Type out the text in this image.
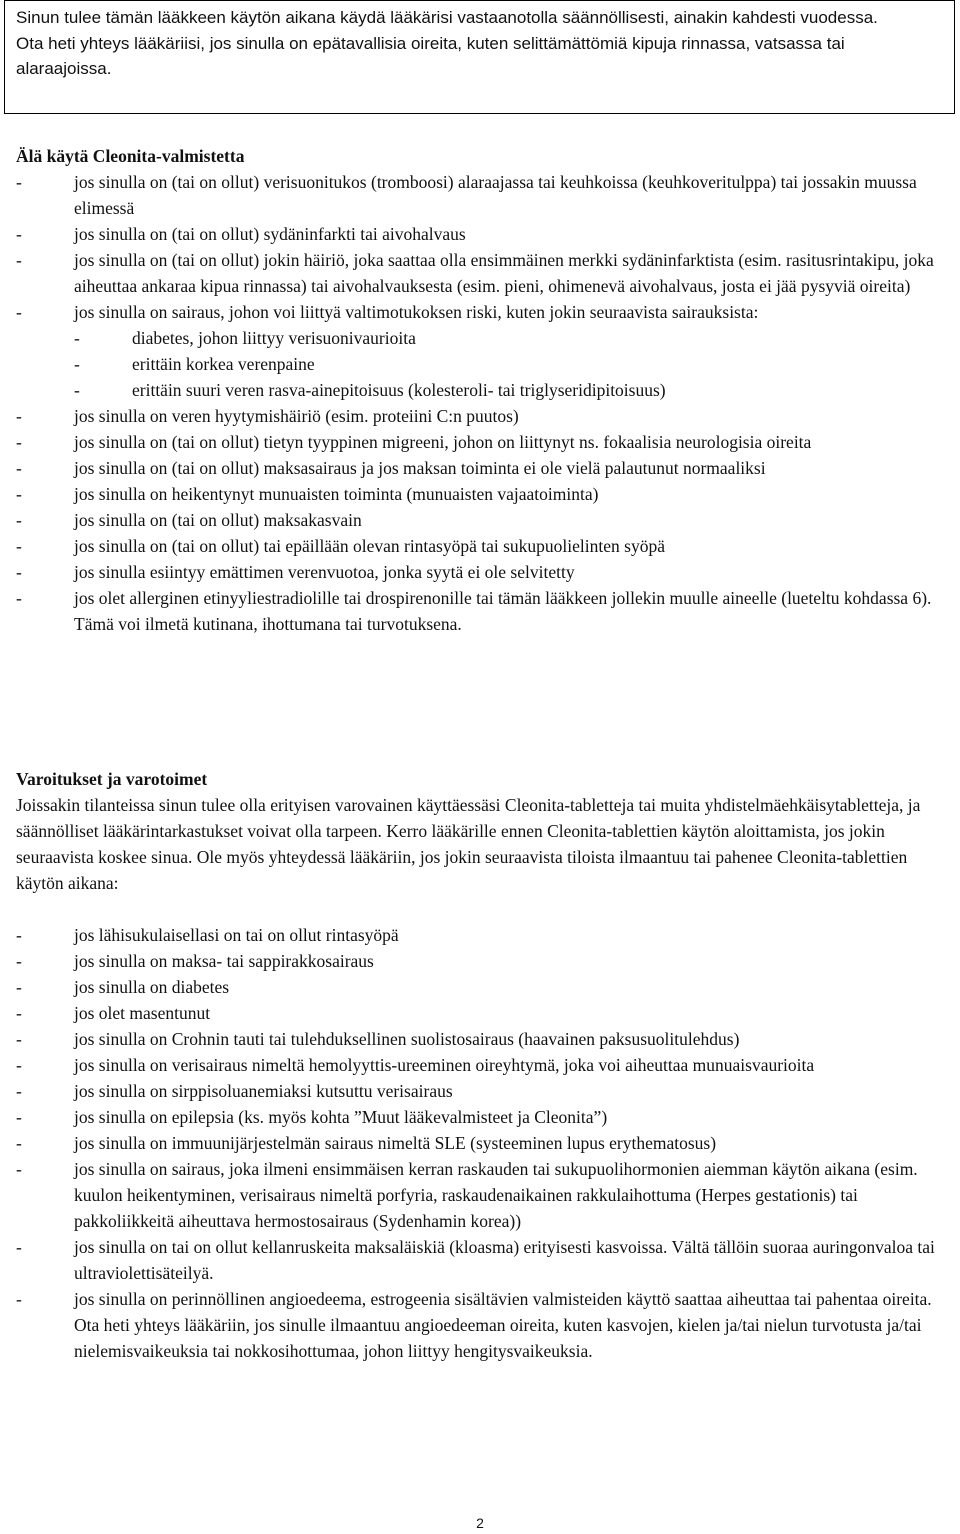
Sinun tulee tämän lääkkeen käytön aikana käydä lääkärisi vastaanotolla säännöllisesti, ainakin kahdesti vuodessa.

Ota heti yhteys lääkäriisi, jos sinulla on epätavallisia oireita, kuten selittämättömiä kipuja rinnassa, vatsassa tai alaraajoissa.

Älä käytä Cleonita-valmistetta

- jos sinulla on (tai on ollut) verisuonitukos (tromboosi) alaraajassa tai keuhkoissa (keuhkoveritulppa) tai jossakin muussa elimessä
- jos sinulla on (tai on ollut) sydäninfarkti tai aivohalvaus
- jos sinulla on (tai on ollut) jokin häiriö, joka saattaa olla ensimmäinen merkki sydäninfarktista (esim. rasitusrintakipu, joka aiheuttaa ankaraa kipua rinnassa) tai aivohalvauksesta (esim. pieni, ohimenevä aivohalvaus, josta ei jää pysyviä oireita)
- jos sinulla on sairaus, johon voi liittyä valtimotukoksen riski, kuten jokin seuraavista sairauksista:
- diabetes, johon liittyy verisuonivaurioita
- erittäin korkea verenpaine
- erittäin suuri veren rasva-ainepitoisuus (kolesteroli- tai triglyseridipitoisuus)
- jos sinulla on veren hyytymishäiriö (esim. proteiini C:n puutos)
- jos sinulla on (tai on ollut) tietyn tyyppinen migreeni, johon on liittynyt ns. fokaalisia neurologisia oireita
- jos sinulla on (tai on ollut) maksasairaus ja jos maksan toiminta ei ole vielä palautunut normaaliksi
- jos sinulla on heikentynyt munuaisten toiminta (munuaisten vajaatoiminta)
- jos sinulla on (tai on ollut) maksakasvain
- jos sinulla on (tai on ollut) tai epäillään olevan rintasyöpä tai sukupuolielinten syöpä
- jos sinulla esiintyy emättimen verenvuotoa, jonka syytä ei ole selvitetty
- jos olet allerginen etinyyliestradiolille tai drospirenonille tai tämän lääkkeen jollekin muulle aineelle (lueteltu kohdassa 6). Tämä voi ilmetä kutinana, ihottumana tai turvotuksena.

Varoitukset ja varotoimet

Joissakin tilanteissa sinun tulee olla erityisen varovainen käyttäessäsi Cleonita-tabletteja tai muita yhdistelmäehkäisytabletteja, ja säännölliset lääkärintarkastukset voivat olla tarpeen. Kerro lääkärille ennen Cleonita-tablettien käytön aloittamista, jos jokin seuraavista koskee sinua. Ole myös yhteydessä lääkäriin, jos jokin seuraavista tiloista ilmaantuu tai pahenee Cleonita-tablettien käytön aikana:

- jos lähisukulaisellasi on tai on ollut rintasyöpä
- jos sinulla on maksa- tai sappirakkosairaus
- jos sinulla on diabetes
- jos olet masentunut
- jos sinulla on Crohnin tauti tai tulehduksellinen suolistosairaus (haavainen paksusuolitulehdus)
- jos sinulla on verisairaus nimeltä hemolyyttis-ureeminen oireyhtymä, joka voi aiheuttaa munuaisvaurioita
- jos sinulla on sirppisoluanemiaksi kutsuttu verisairaus
- jos sinulla on epilepsia (ks. myös kohta ”Muut lääkevalmisteet ja Cleonita”)
- jos sinulla on immuunijärjestelmän sairaus nimeltä SLE (systeeminen lupus erythematosus)
- jos sinulla on sairaus, joka ilmeni ensimmäisen kerran raskauden tai sukupuolihormonien aiemman käytön aikana (esim. kuulon heikentyminen, verisairaus nimeltä porfyria, raskaudenaikainen rakkulaihottuma (Herpes gestationis) tai pakkoliikkeitä aiheuttava hermostosairaus (Sydenhamin korea))
- jos sinulla on tai on ollut kellanruskeita maksaläiskiä (kloasma) erityisesti kasvoissa. Vältä tällöin suoraa auringonvaloa tai ultraviolettisäteilyä.
- jos sinulla on perinnöllinen angioedeema, estrogeenia sisältävien valmisteiden käyttö saattaa aiheuttaa tai pahentaa oireita. Ota heti yhteys lääkäriin, jos sinulle ilmaantuu angioedeeman oireita, kuten kasvojen, kielen ja/tai nielun turvotusta ja/tai nielemisvaikeuksia tai nokkosihottumaa, johon liittyy hengitysvaikeuksia.
2
